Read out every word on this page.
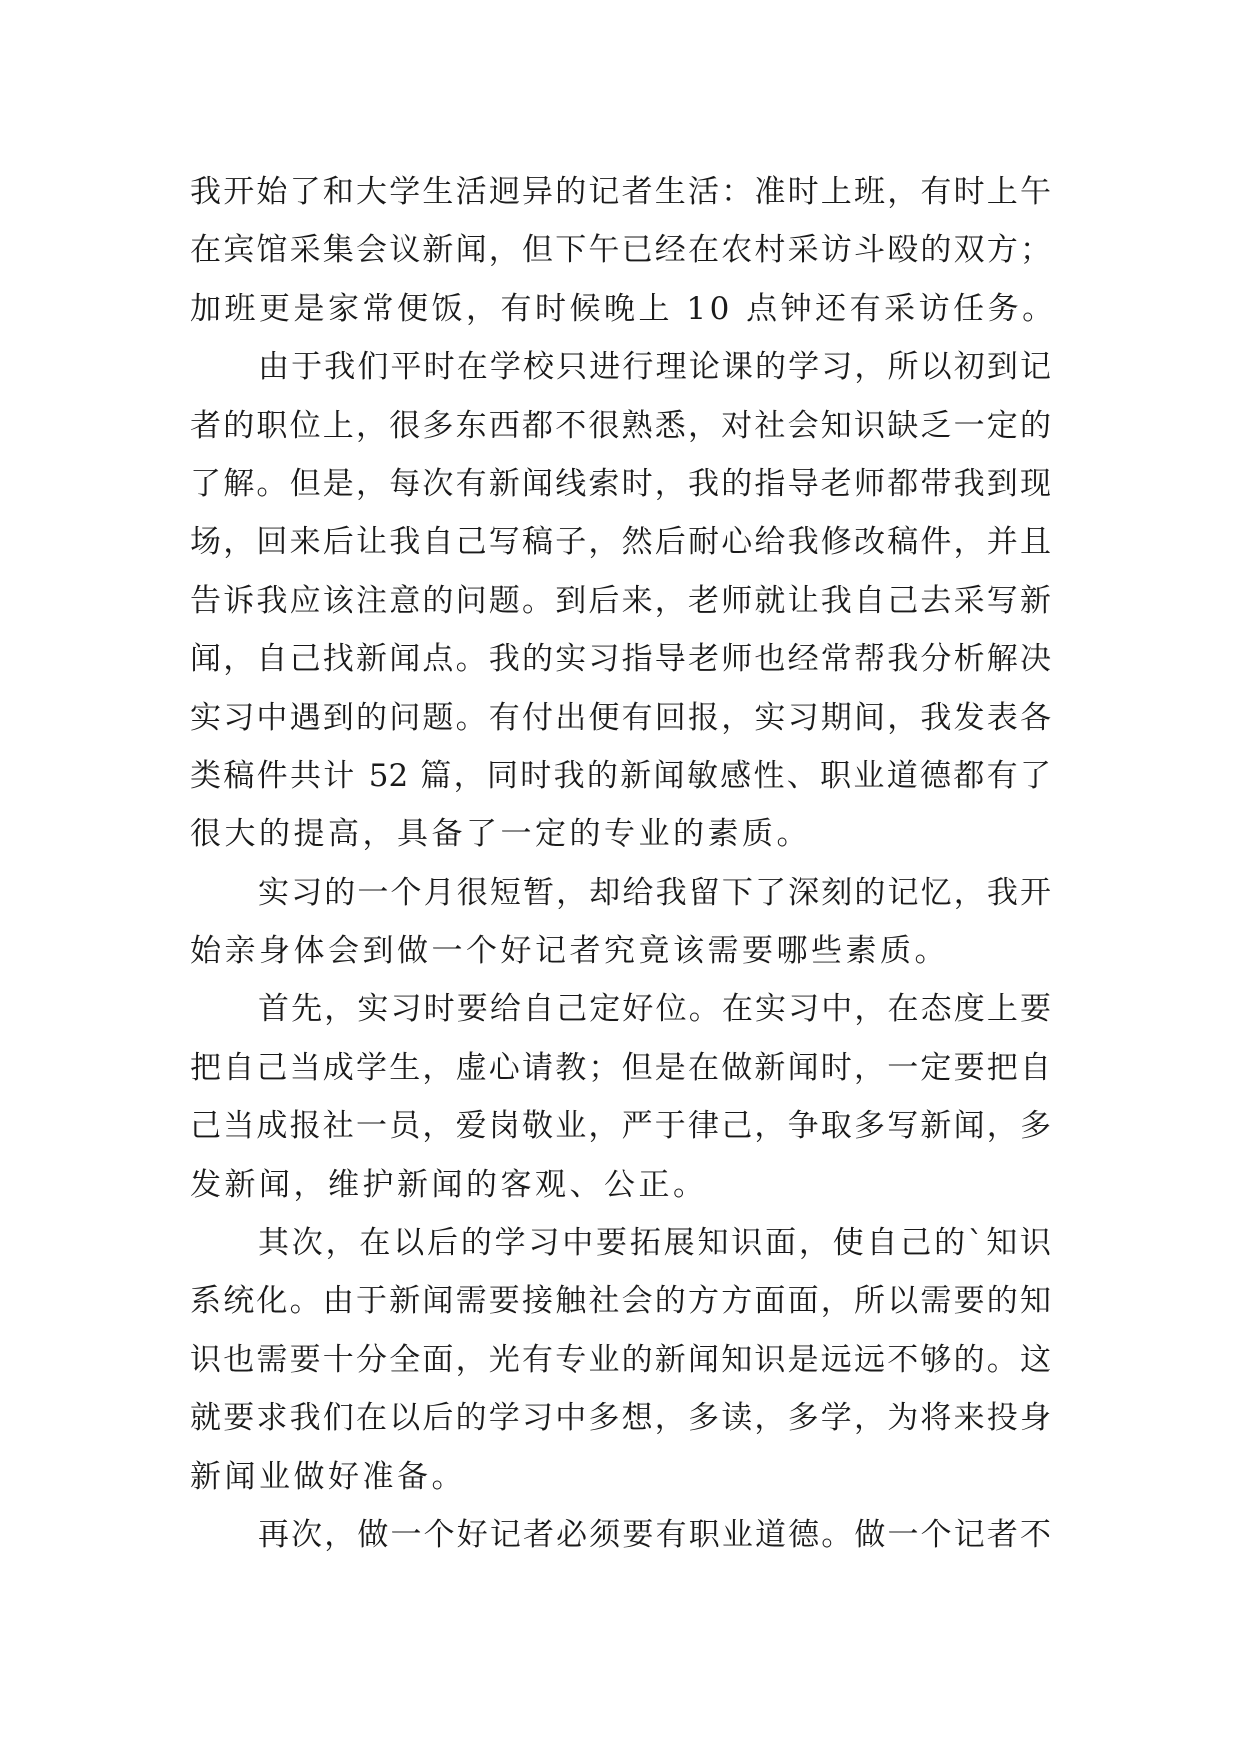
我开始了和大学生活迥异的记者生活：准时上班，有时上午
在宾馆采集会议新闻，但下午已经在农村采访斗殴的双方；
加班更是家常便饭，有时候晚上 10 点钟还有采访任务。
由于我们平时在学校只进行理论课的学习，所以初到记
者的职位上，很多东西都不很熟悉，对社会知识缺乏一定的
了解。但是，每次有新闻线索时，我的指导老师都带我到现
场，回来后让我自己写稿子，然后耐心给我修改稿件，并且
告诉我应该注意的问题。到后来，老师就让我自己去采写新
闻，自己找新闻点。我的实习指导老师也经常帮我分析解决
实习中遇到的问题。有付出便有回报，实习期间，我发表各
类稿件共计 52 篇，同时我的新闻敏感性、职业道德都有了
很大的提高，具备了一定的专业的素质。
实习的一个月很短暂，却给我留下了深刻的记忆，我开
始亲身体会到做一个好记者究竟该需要哪些素质。
首先，实习时要给自己定好位。在实习中，在态度上要
把自己当成学生，虚心请教；但是在做新闻时，一定要把自
己当成报社一员，爱岗敬业，严于律己，争取多写新闻，多
发新闻，维护新闻的客观、公正。
其次，在以后的学习中要拓展知识面，使自己的`知识
系统化。由于新闻需要接触社会的方方面面，所以需要的知
识也需要十分全面，光有专业的新闻知识是远远不够的。这
就要求我们在以后的学习中多想，多读，多学，为将来投身
新闻业做好准备。
再次，做一个好记者必须要有职业道德。做一个记者不
